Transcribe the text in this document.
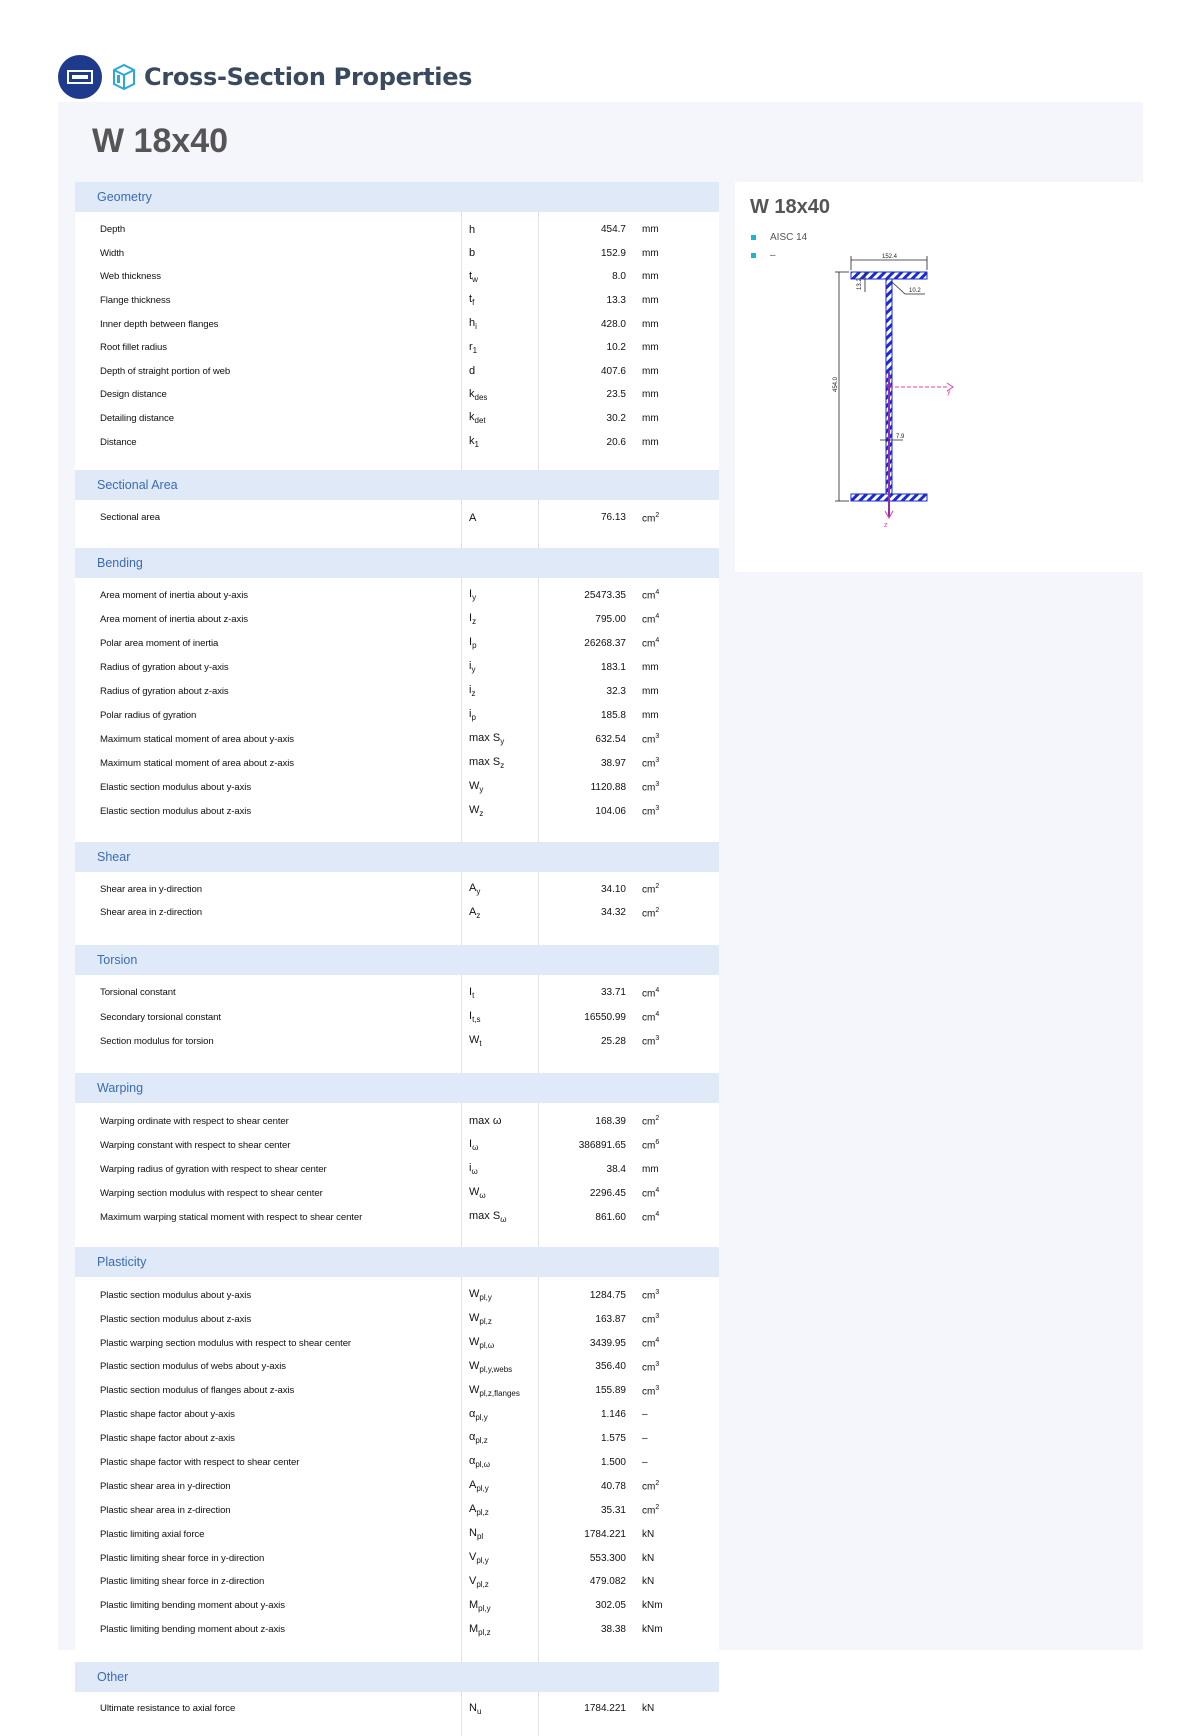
Cross-Section Properties
W 18x40
Geometry
Depth	h	454.7	mm
Width	b	152.9	mm
Web thickness	$t_w$	8.0	mm
Flange thickness	$t_f$	13.3	mm
Inner depth between flanges	$h_i$	428.0	mm
Root fillet radius	$r_1$	10.2	mm
Depth of straight portion of web	d	407.6	mm
Design distance	$k_{des}$	23.5	mm
Detailing distance	$k_{det}$	30.2	mm
Distance	$k_1$	20.6	mm
Sectional Area
Sectional area	A	76.13	$cm^2$
Bending
Area moment of inertia about y-axis	$I_y$	25473.35	$cm^4$
Area moment of inertia about z-axis	$I_z$	795.00	$cm^4$
Polar area moment of inertia	$I_p$	26268.37	$cm^4$
Radius of gyration about y-axis	$i_y$	183.1	mm
Radius of gyration about z-axis	$i_z$	32.3	mm
Polar radius of gyration	$i_p$	185.8	mm
Maximum statical moment of area about y-axis	$\max S_y$	632.54	$cm^3$
Maximum statical moment of area about z-axis	$\max S_z$	38.97	$cm^3$
Elastic section modulus about y-axis	$W_y$	1120.88	$cm^3$
Elastic section modulus about z-axis	$W_z$	104.06	$cm^3$
Shear
Shear area in y-direction	$A_y$	34.10	$cm^2$
Shear area in z-direction	$A_z$	34.32	$cm^2$
Torsion
Torsional constant	$I_t$	33.71	$cm^4$
Secondary torsional constant	$I_{t,s}$	16550.99	$cm^4$
Section modulus for torsion	$W_t$	25.28	$cm^3$
Warping
Warping ordinate with respect to shear center	max ω	168.39	$cm^2$
Warping constant with respect to shear center	$I_\omega$	386891.65	$cm^6$
Warping radius of gyration with respect to shear center	$i_\omega$	38.4	mm
Warping section modulus with respect to shear center	$W_\omega$	2296.45	$cm^4$
Maximum warping statical moment with respect to shear center	$\max S_\omega$	861.60	$cm^4$
Plasticity
Plastic section modulus about y-axis	$W_{pl,y}$	1284.75	$cm^3$
Plastic section modulus about z-axis	$W_{pl,z}$	163.87	$cm^3$
Plastic warping section modulus with respect to shear center	$W_{pl,\omega}$	3439.95	$cm^4$
Plastic section modulus of webs about y-axis	$W_{pl,y,webs}$	356.40	$cm^3$
Plastic section modulus of flanges about z-axis	$W_{pl,z,flanges}$	155.89	$cm^3$
Plastic shape factor about y-axis	$\alpha_{pl,y}$	1.146	–
Plastic shape factor about z-axis	$\alpha_{pl,z}$	1.575	–
Plastic shape factor with respect to shear center	$\alpha_{pl,\omega}$	1.500	–
Plastic shear area in y-direction	$A_{pl,y}$	40.78	$cm^2$
Plastic shear area in z-direction	$A_{pl,z}$	35.31	$cm^2$
Plastic limiting axial force	$N_{pl}$	1784.221	kN
Plastic limiting shear force in y-direction	$V_{pl,y}$	553.300	kN
Plastic limiting shear force in z-direction	$V_{pl,z}$	479.082	kN
Plastic limiting bending moment about y-axis	$M_{pl,y}$	302.05	kNm
Plastic limiting bending moment about z-axis	$M_{pl,z}$	38.38	kNm
Other
Ultimate resistance to axial force	$N_u$	1784.221	kN
W 18x40
AISC 14
–
y
z
10.2
152.4
454.0
13.2
7.9
